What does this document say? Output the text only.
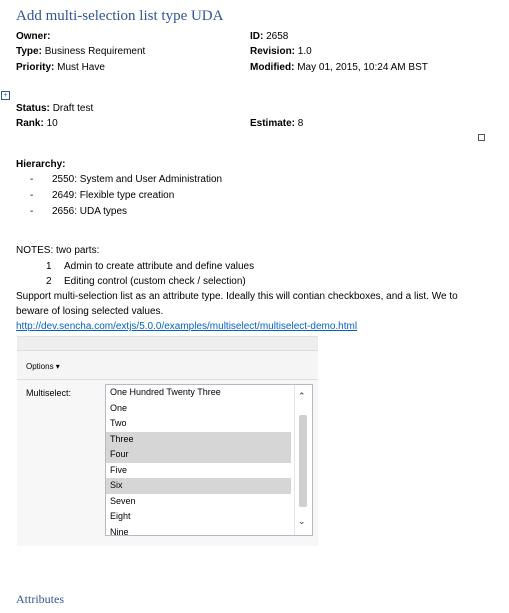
Add multi-selection list type UDA
Owner:	ID: 2658
Type: Business Requirement	Revision: 1.0
Priority: Must Have	Modified: May 01, 2015, 10:24 AM BST
+
Status: Draft test
Rank: 10	Estimate: 8
Hierarchy:
- 2550: System and User Administration
- 2649: Flexible type creation
- 2656: UDA types
NOTES: two parts:
1 Admin to create attribute and define values
2 Editing control (custom check / selection)
Support multi-selection list as an attribute type. Ideally this will contian checkboxes, and a list. We to
beware of losing selected values.
http://dev.sencha.com/extjs/5.0.0/examples/multiselect/multiselect-demo.html
Options ▾
Multiselect:	One Hundred Twenty Three
One
Two
Three
Four
Five
Six
Seven
Eight
Nine
⌃
⌄
Attributes
